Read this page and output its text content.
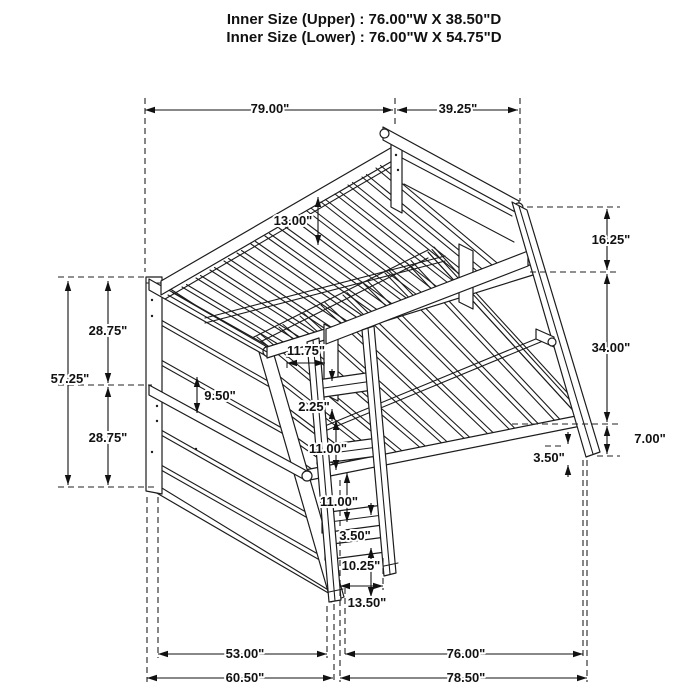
79.00"	39.25"
13.00"
16.25"
34.00"
7.00"
3.50"
57.25"
28.75"
28.75"
11.75"
9.50"
2.25"
11.00"
11.00"
3.50"
10.25"
13.50"
53.00"	76.00"
60.50"	78.50"
Inner Size (Upper) : 76.00"W X 38.50"D
Inner Size (Lower) : 76.00"W X 54.75"D
